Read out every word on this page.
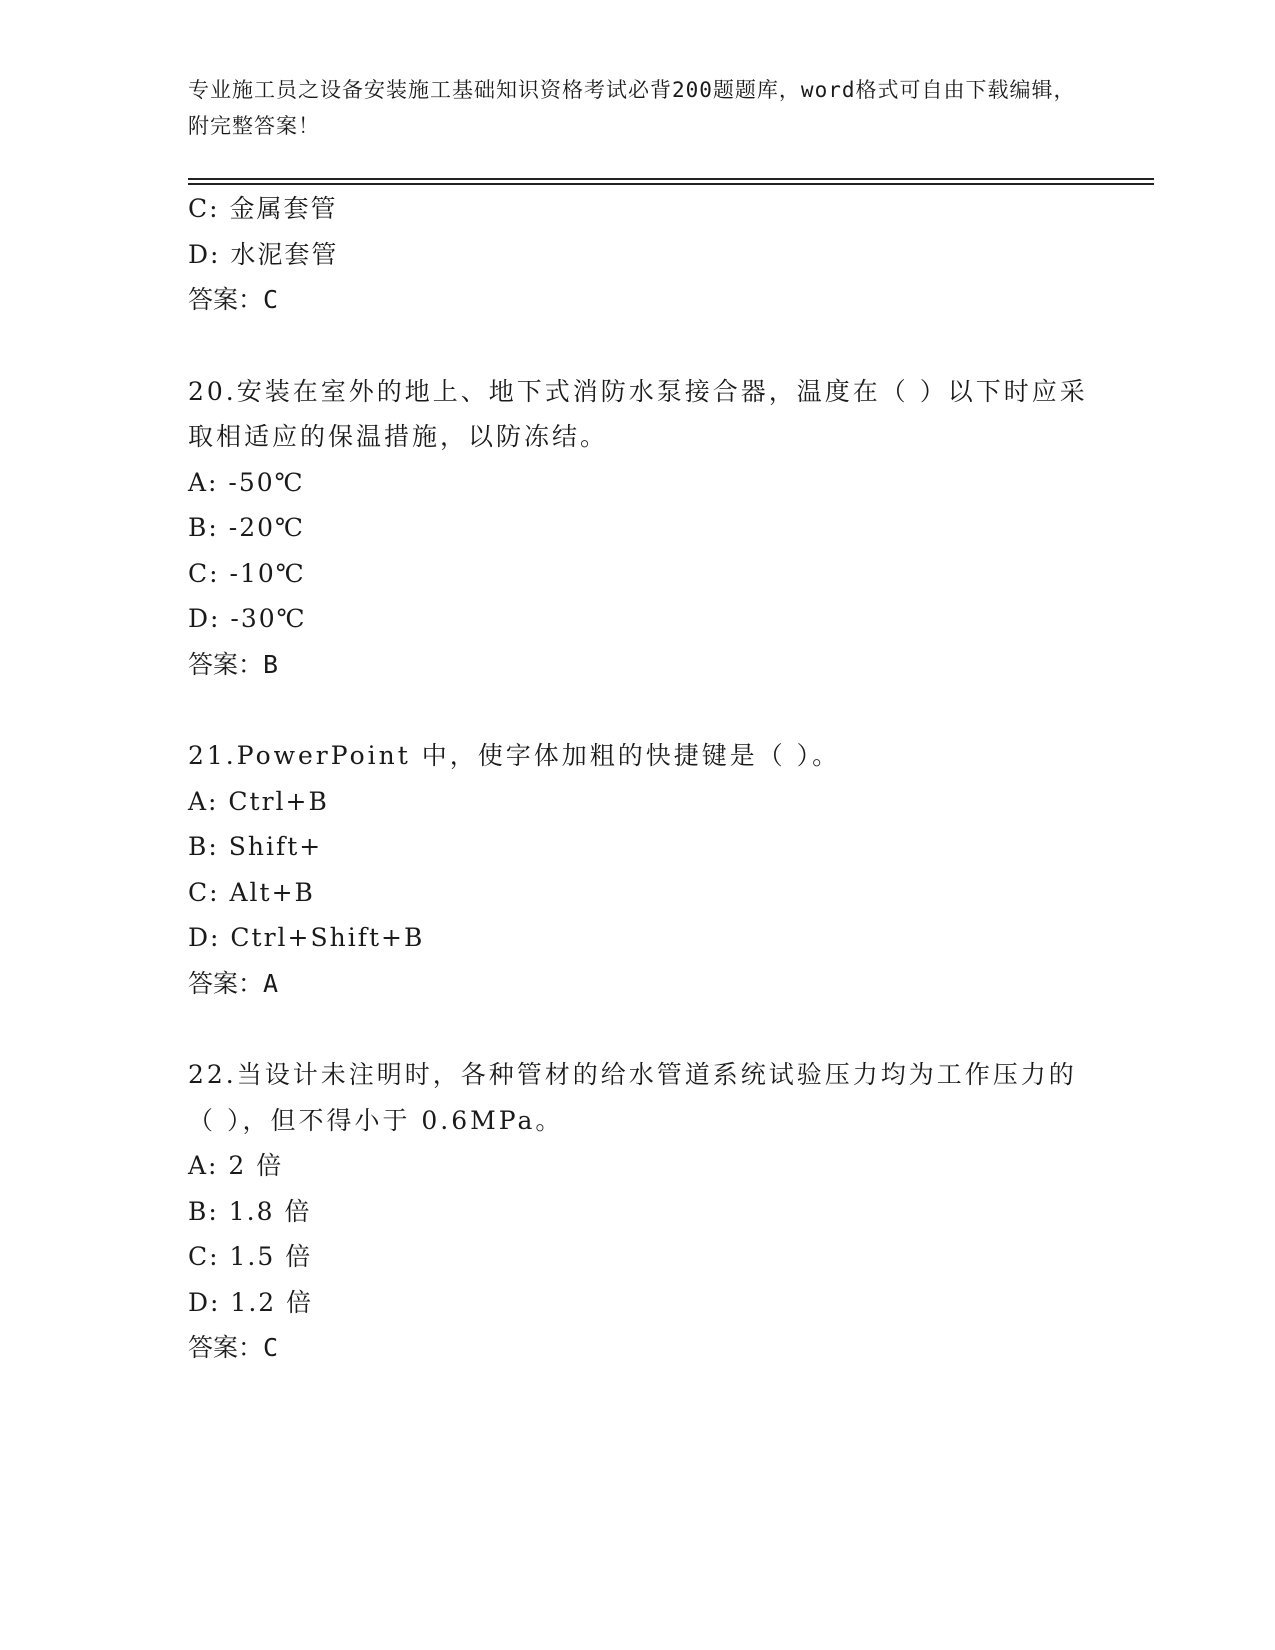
专业施工员之设备安装施工基础知识资格考试必背200题题库，word格式可自由下载编辑，附完整答案！
C: 金属套管
D: 水泥套管
答案：C
20.安装在室外的地上、地下式消防水泵接合器，温度在（ ）以下时应采取相适应的保温措施，以防冻结。
A: -50℃
B: -20℃
C: -10℃
D: -30℃
答案：B
21.PowerPoint 中，使字体加粗的快捷键是（ ）。
A: Ctrl+B
B: Shift+
C: Alt+B
D: Ctrl+Shift+B
答案：A
22.当设计未注明时，各种管材的给水管道系统试验压力均为工作压力的（ ），但不得小于 0.6MPa。
A: 2 倍
B: 1.8 倍
C: 1.5 倍
D: 1.2 倍
答案：C
